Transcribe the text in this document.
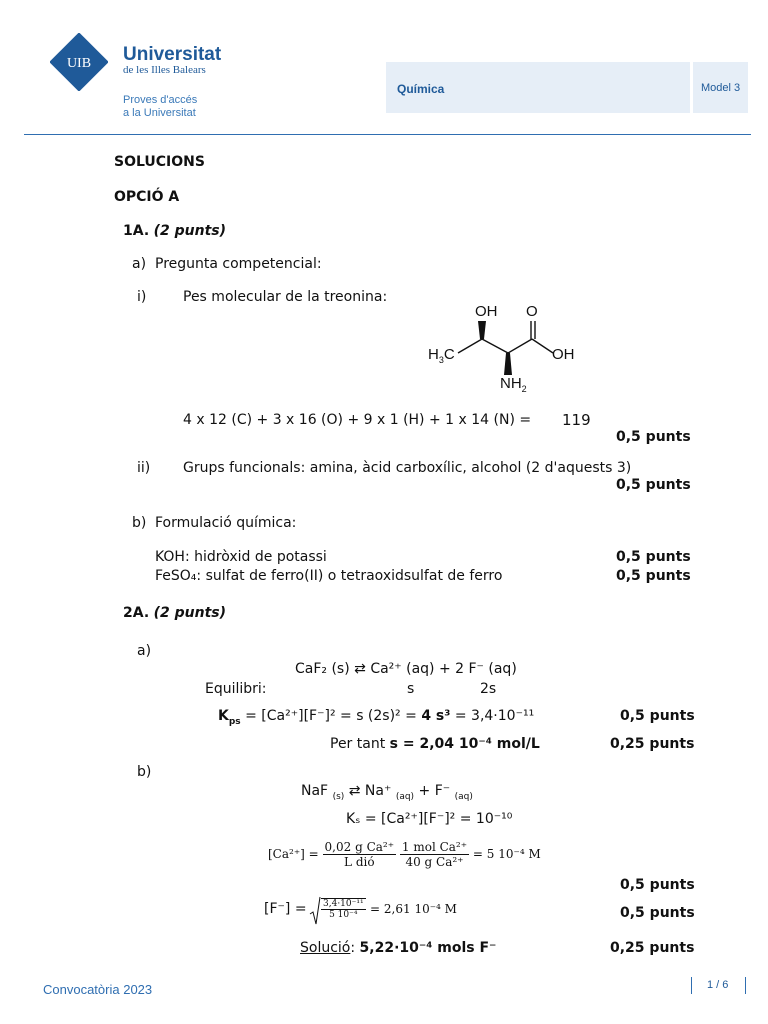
UIB Universitat
de les Illes Balears
Proves d'accés
a la Universitat
Química	Model 3
SOLUCIONS
OPCIÓ A
1A. (2 punts)
a) Pregunta competencial:
i)	Pes molecular de la treonina:
OH O
$H_3C$	OH
$NH_2$
4 x 12 (C) + 3 x 16 (O) + 9 x 1 (H) + 1 x 14 (N) = 119
0,5 punts
ii) Grups funcionals: amina, àcid carboxílic, alcohol (2 d'aquests 3)
0,5 punts
b) Formulació química:
KOH: hidròxid de potassi	0,5 punts
FeSO₄: sulfat de ferro(II) o tetraoxidsulfat de ferro	0,5 punts
2A. (2 punts)
a)
CaF₂ (s) ⇄ Ca²⁺ (aq) + 2 F⁻ (aq)
Equilibri:	s	2s
$K_{ps} = [Ca^{2+}][F^-]^2 = s$ (2s)² = 4 s³ = 3,4·10⁻¹¹	0,5 punts
Per tant s = 2,04 10⁻⁴ mol/L	0,25 punts
b)
NaF $_{(s)}$ ⇄ Na⁺ $_{(aq)}$ + F⁻ $_{(aq)}$
Kₛ = [Ca²⁺][F⁻]² = 10⁻¹⁰
$[Ca^{2+}] = \frac{\text{0,02 g Ca²⁺}}{\text{L dió}}$
$\frac{\text{1 mol Ca²⁺}}{\text{40 g Ca²⁺}} = 5$ 10⁻⁴ M
0,5 punts
$[F^-] = \frac{\text{3,4·10⁻¹¹}}{\text{5 10⁻⁴}} = 2,61$ 10⁻⁴ M	0,5 punts
Solució: 5,22·10⁻⁴ mols F⁻	0,25 punts
Convocatòria 2023	1 / 6
